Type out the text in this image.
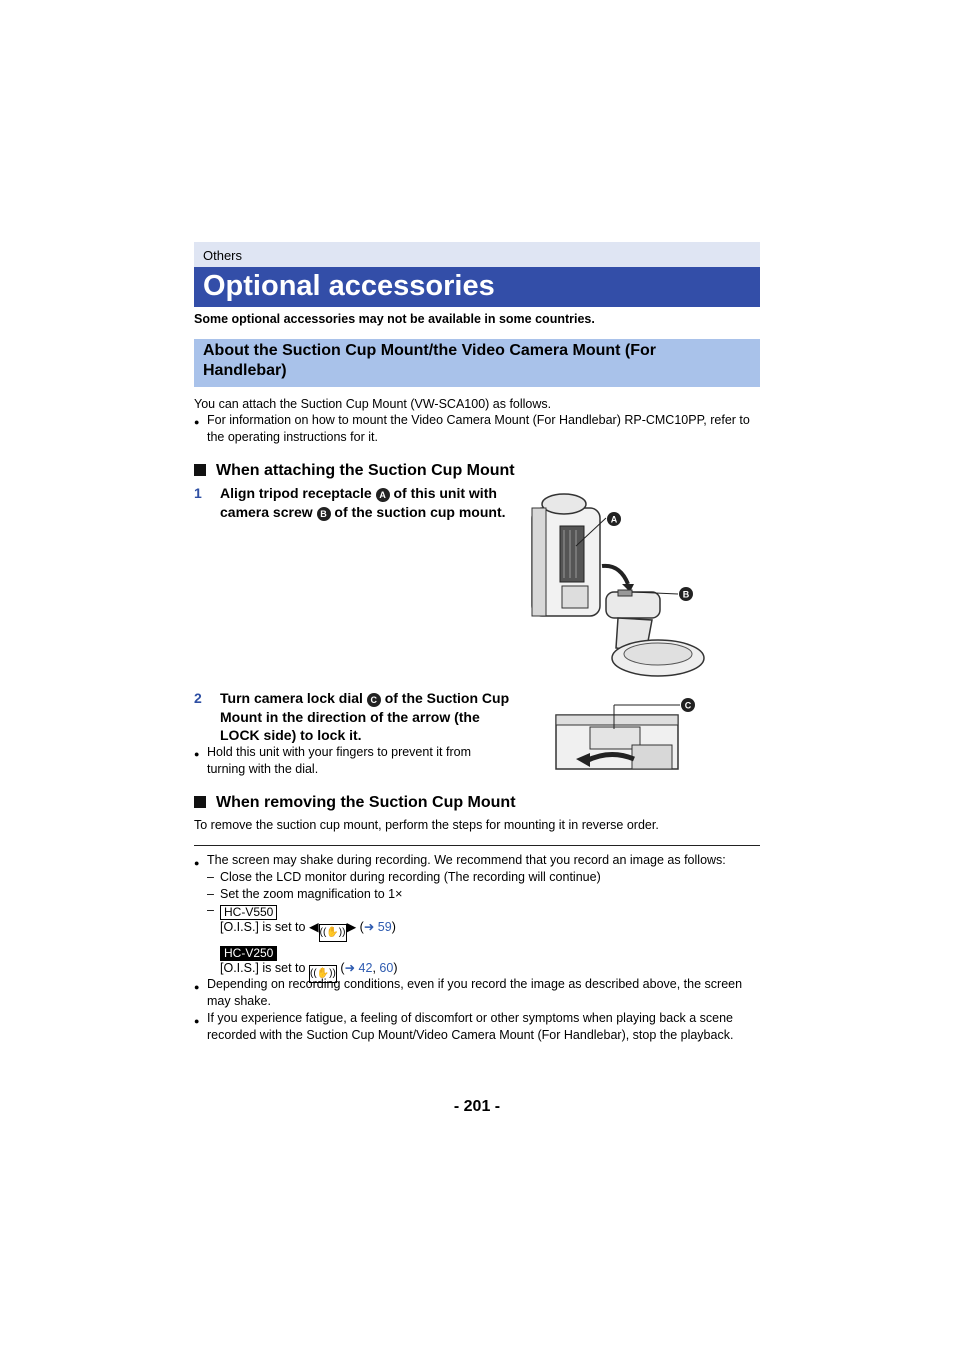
Others
Optional accessories
Some optional accessories may not be available in some countries.
About the Suction Cup Mount/the Video Camera Mount (For Handlebar)
You can attach the Suction Cup Mount (VW-SCA100) as follows.
● For information on how to mount the Video Camera Mount (For Handlebar) RP-CMC10PP, refer to the operating instructions for it.
When attaching the Suction Cup Mount
1 Align tripod receptacle A of this unit with camera screw B of the suction cup mount.	A
B
2 Turn camera lock dial C of the Suction Cup Mount in the direction of the arrow (the LOCK side) to lock it.
● Hold this unit with your fingers to prevent it from turning with the dial.
C
When removing the Suction Cup Mount
To remove the suction cup mount, perform the steps for mounting it in reverse order.
● The screen may shake during recording. We recommend that you record an image as follows:
– Close the LCD monitor during recording (The recording will continue)
– Set the zoom magnification to 1×
– HC-V550
[O.I.S.] is set to ◀((✋))▶ (➜ 59)
HC-V250
[O.I.S.] is set to ((✋)) (➜ 42, 60)
● Depending on recording conditions, even if you record the image as described above, the screen may shake.
● If you experience fatigue, a feeling of discomfort or other symptoms when playing back a scene recorded with the Suction Cup Mount/Video Camera Mount (For Handlebar), stop the playback.
- 201 -
